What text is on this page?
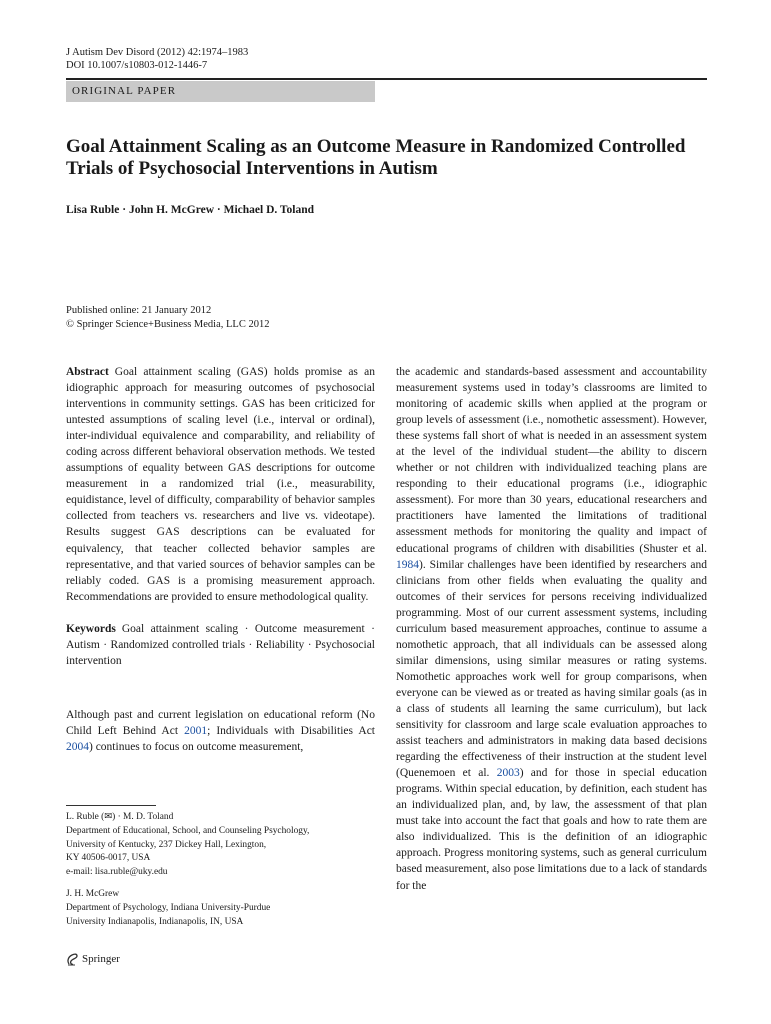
J Autism Dev Disord (2012) 42:1974–1983
DOI 10.1007/s10803-012-1446-7
ORIGINAL PAPER
Goal Attainment Scaling as an Outcome Measure in Randomized Controlled Trials of Psychosocial Interventions in Autism
Lisa Ruble · John H. McGrew · Michael D. Toland
Published online: 21 January 2012
© Springer Science+Business Media, LLC 2012

Abstract Goal attainment scaling (GAS) holds promise as an idiographic approach for measuring outcomes of psychosocial interventions in community settings. GAS has been criticized for untested assumptions of scaling level (i.e., interval or ordinal), inter-individual equivalence and comparability, and reliability of coding across different behavioral observation methods. We tested assumptions of equality between GAS descriptions for outcome measurement in a randomized trial (i.e., measurability, equidistance, level of difficulty, comparability of behavior samples collected from teachers vs. researchers and live vs. videotape). Results suggest GAS descriptions can be evaluated for equivalency, that teacher collected behavior samples are representative, and that varied sources of behavior samples can be reliably coded. GAS is a promising measurement approach. Recommendations are provided to ensure methodological quality.

Keywords Goal attainment scaling · Outcome measurement · Autism · Randomized controlled trials · Reliability · Psychosocial intervention

Although past and current legislation on educational reform (No Child Left Behind Act 2001; Individuals with Disabilities Act 2004) continues to focus on outcome measurement,

the academic and standards-based assessment and accountability measurement systems used in today’s classrooms are limited to monitoring of academic skills when applied at the program or group levels of assessment (i.e., nomothetic assessment). However, these systems fall short of what is needed in an assessment system at the level of the individual student—the ability to discern whether or not children with individualized teaching plans are responding to their educational programs (i.e., idiographic assessment). For more than 30 years, educational researchers and practitioners have lamented the limitations of traditional assessment methods for monitoring the quality and impact of educational programs of children with disabilities (Shuster et al. 1984). Similar challenges have been identified by researchers and clinicians from other fields when evaluating the quality and outcomes of their services for persons receiving individualized programming. Most of our current assessment systems, including curriculum based measurement approaches, continue to assume a nomothetic approach, that all individuals can be assessed along similar dimensions, using similar measures or rating systems. Nomothetic approaches work well for group comparisons, when everyone can be viewed as or treated as having similar goals (as in a class of students all learning the same curriculum), but lack sensitivity for classroom and large scale evaluation approaches to assist teachers and administrators in making data based decisions regarding the effectiveness of their instruction at the student level (Quenemoen et al. 2003) and for those in special education programs. Within special education, by definition, each student has an individualized plan, and, by law, the assessment of that plan must take into account the fact that goals and how to rate them are also individualized. This is the definition of an idiographic approach. Progress monitoring systems, such as general curriculum based measurement, also pose limitations due to a lack of standards for the

L. Ruble (✉) · M. D. Toland
Department of Educational, School, and Counseling Psychology,
University of Kentucky, 237 Dickey Hall, Lexington,
KY 40506-0017, USA
e-mail: lisa.ruble@uky.edu
J. H. McGrew
Department of Psychology, Indiana University-Purdue
University Indianapolis, Indianapolis, IN, USA
Springer
